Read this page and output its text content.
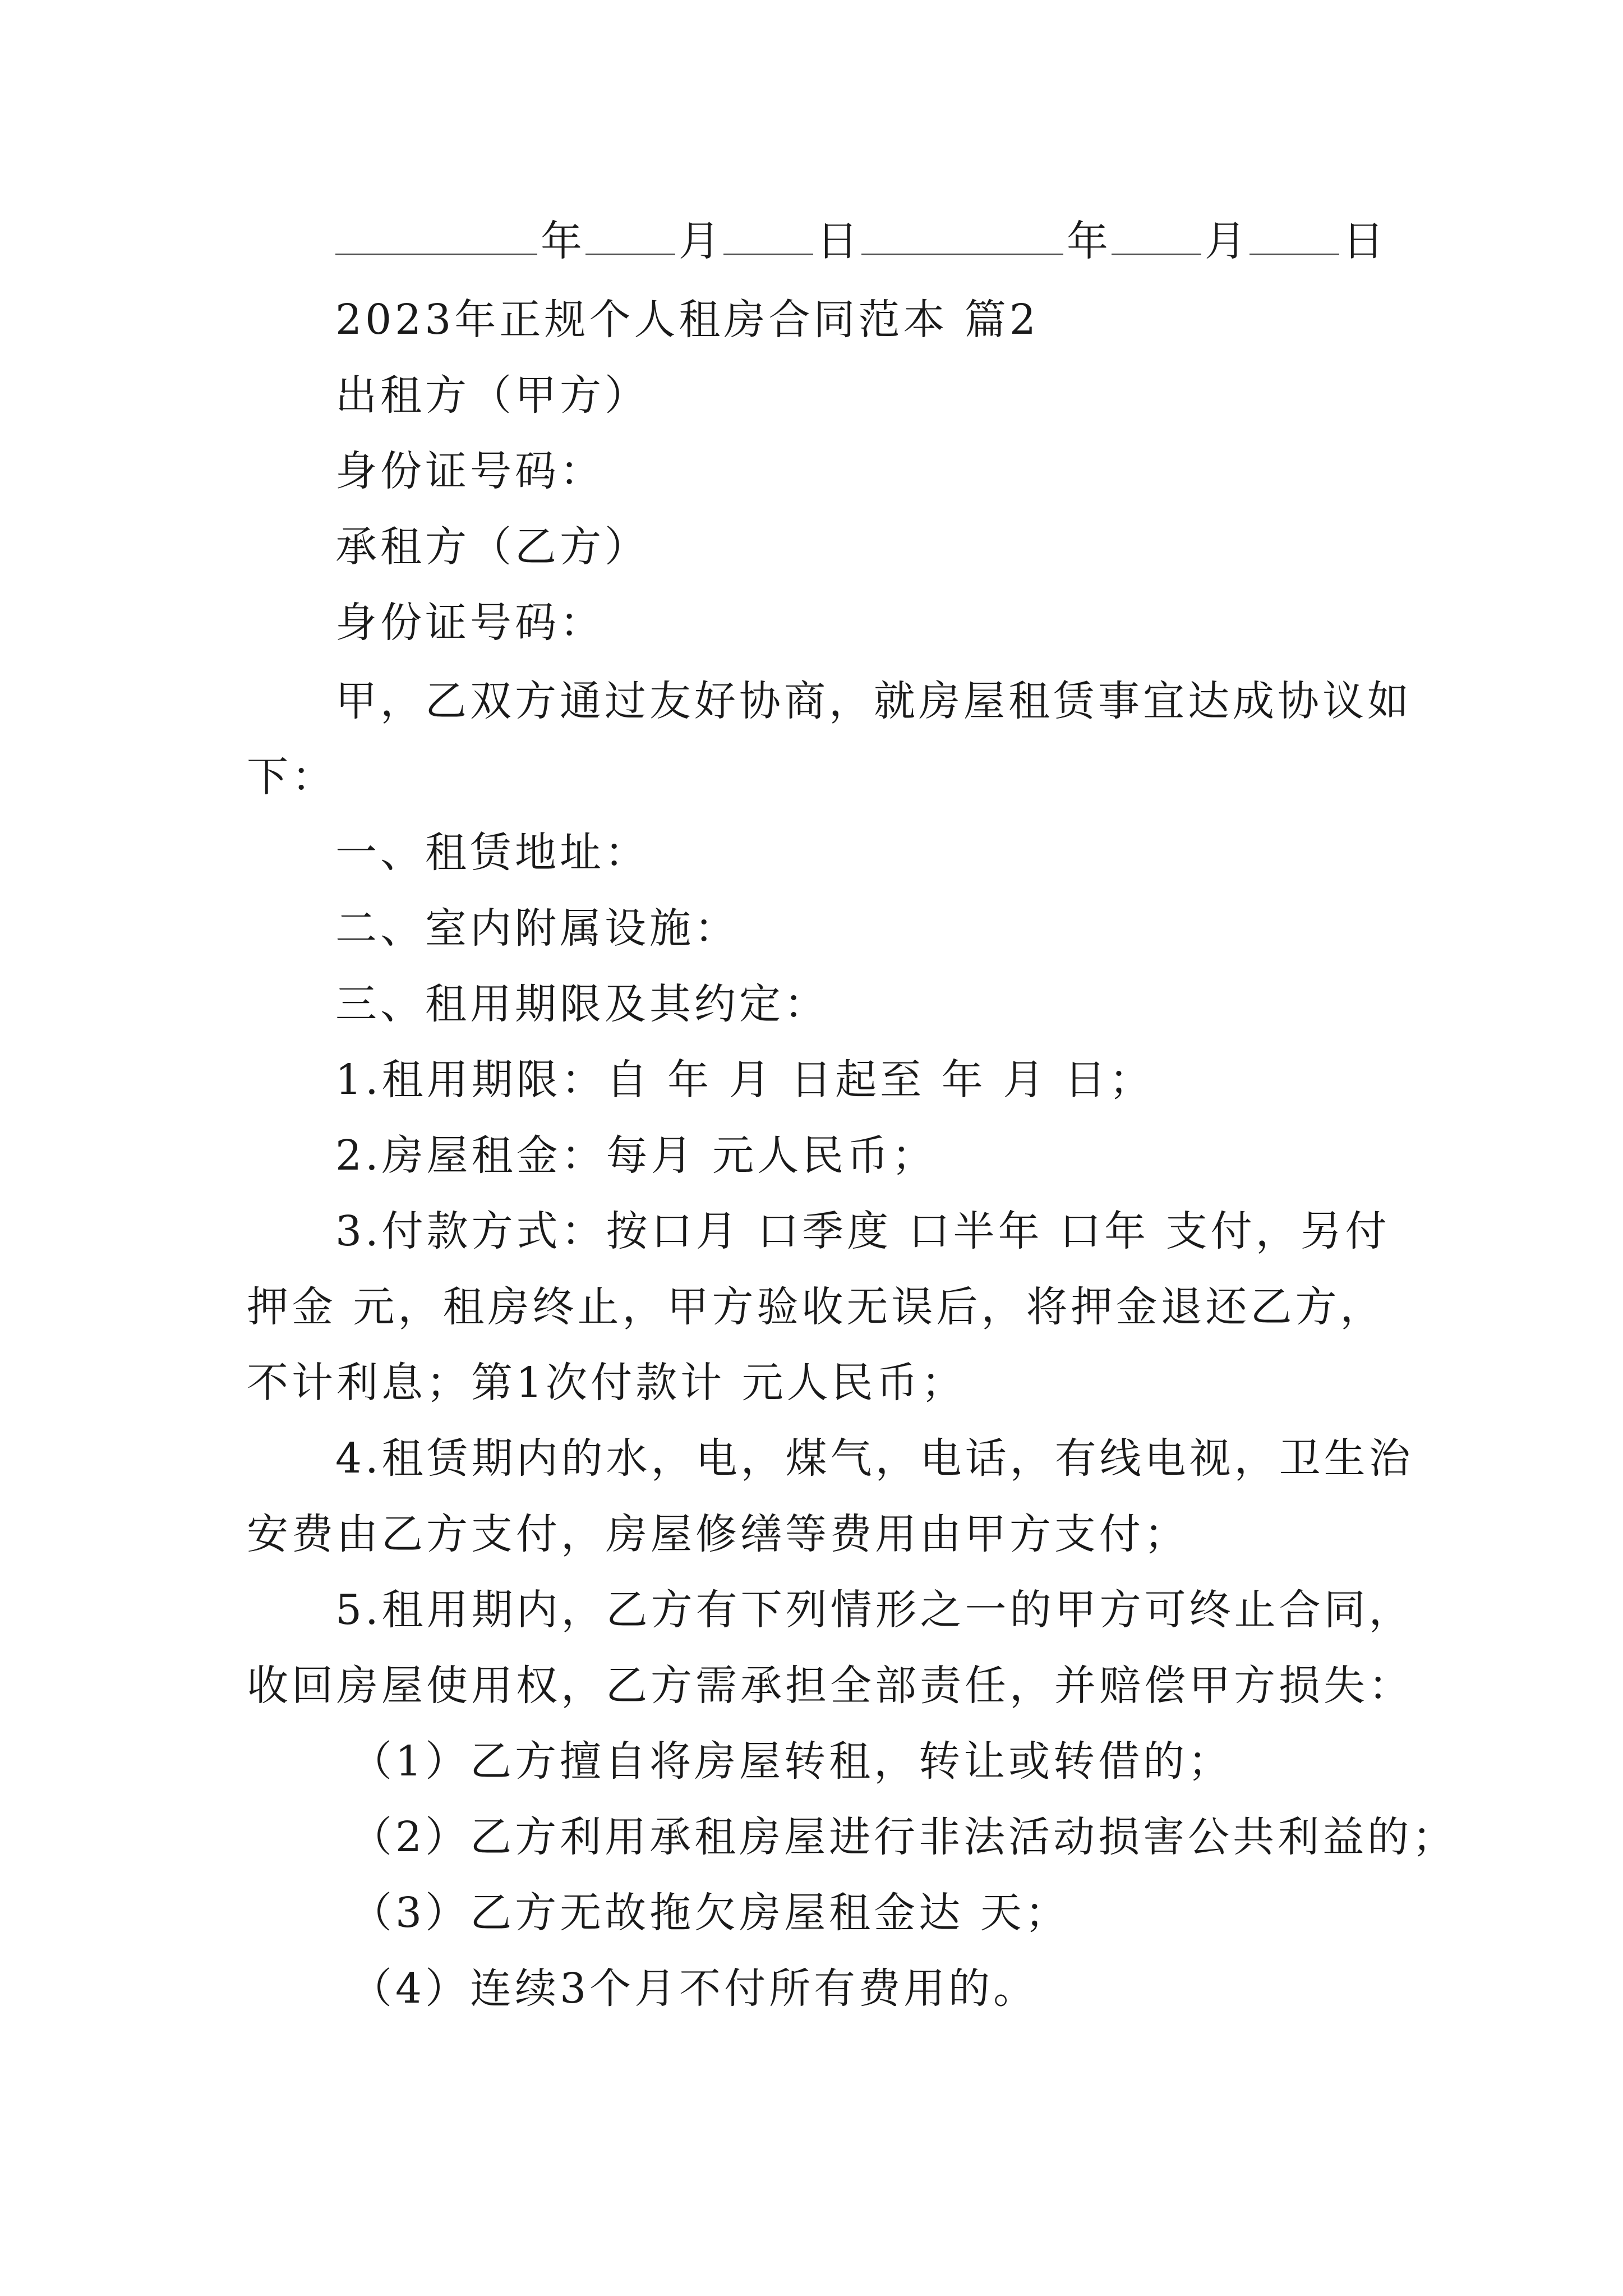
年 月 日	年 月 日
2023年正规个人租房合同范本 篇2
出租方（甲方）
身份证号码：
承租方（乙方）
身份证号码：
甲，乙双方通过友好协商，就房屋租赁事宜达成协议如
下：
一、租赁地址：
二、室内附属设施：
三、租用期限及其约定：
1.租用期限：自 年 月 日起至 年 月 日；
2.房屋租金：每月 元人民币；
3.付款方式：按口月 口季度 口半年 口年 支付，另付
押金 元，租房终止，甲方验收无误后，将押金退还乙方，
不计利息；第1次付款计 元人民币；
4.租赁期内的水，电，煤气，电话，有线电视，卫生治
安费由乙方支付，房屋修缮等费用由甲方支付；
5.租用期内，乙方有下列情形之一的甲方可终止合同，
收回房屋使用权，乙方需承担全部责任，并赔偿甲方损失：
（1）乙方擅自将房屋转租，转让或转借的；
（2）乙方利用承租房屋进行非法活动损害公共利益的；
（3）乙方无故拖欠房屋租金达 天；
（4）连续3个月不付所有费用的。
